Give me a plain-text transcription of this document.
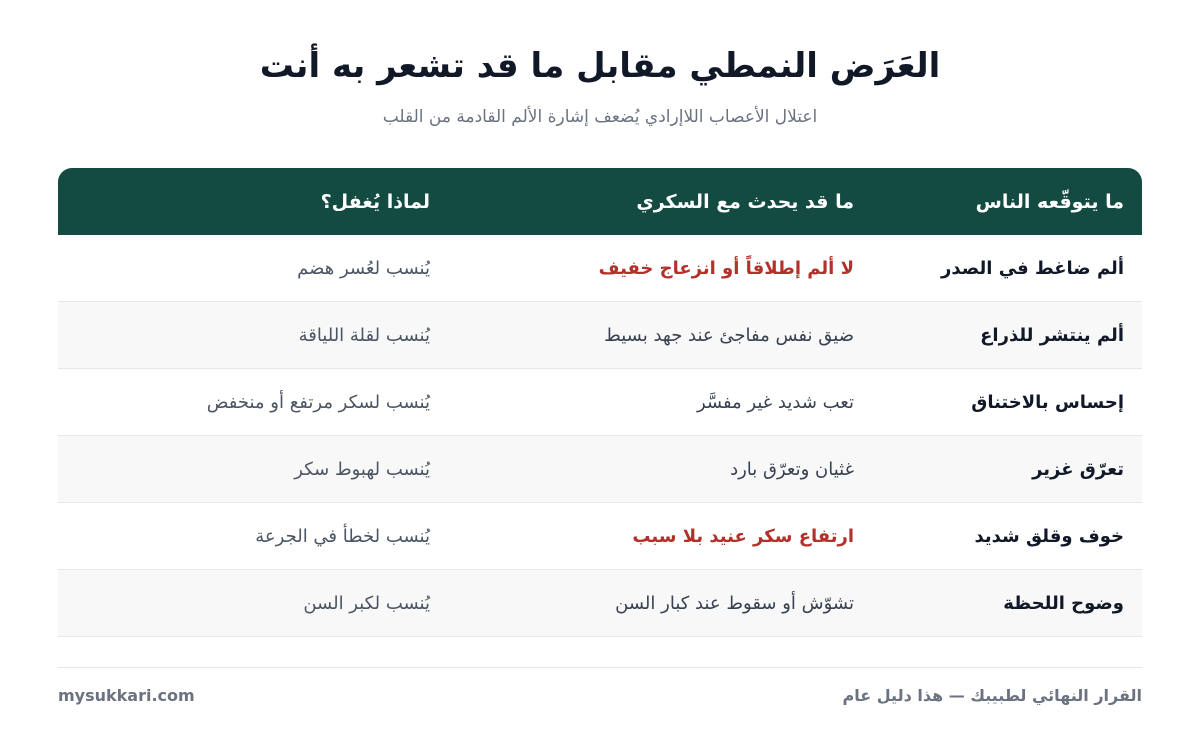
العَرَض النمطي مقابل ما قد تشعر به أنت

اعتلال الأعصاب اللاإرادي يُضعف إشارة الألم القادمة من القلب

ما يتوقّعه الناس
ما قد يحدث مع السكري
لماذا يُغفل؟
ألم ضاغط في الصدر
لا ألم إطلاقاً أو انزعاج خفيف
يُنسب لعُسر هضم
ألم ينتشر للذراع
ضيق نفس مفاجئ عند جهد بسيط
يُنسب لقلة اللياقة
إحساس بالاختناق
تعب شديد غير مفسَّر
يُنسب لسكر مرتفع أو منخفض
تعرّق غزير
غثيان وتعرّق بارد
يُنسب لهبوط سكر
خوف وقلق شديد
ارتفاع سكر عنيد بلا سبب
يُنسب لخطأ في الجرعة
وضوح اللحظة
تشوّش أو سقوط عند كبار السن
يُنسب لكبر السن
القرار النهائي لطبيبك — هذا دليل عام
mysukkari.com
